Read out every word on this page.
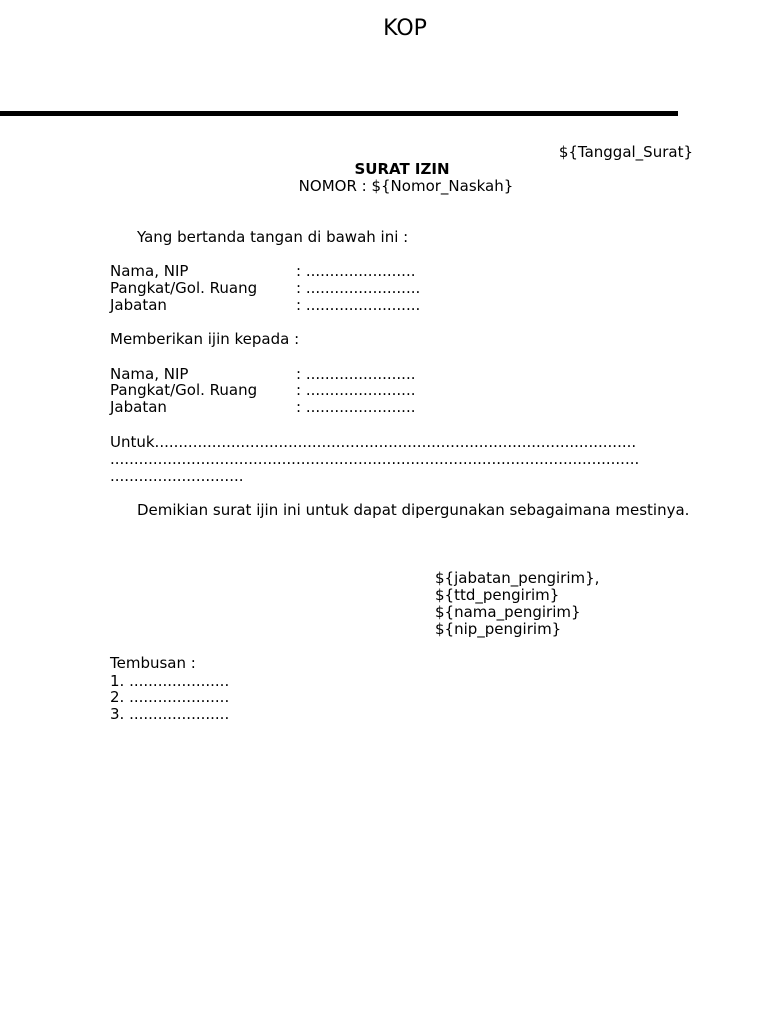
KOP
${Tanggal_Surat}
SURAT IZIN
NOMOR : ${Nomor_Naskah}
Yang bertanda tangan di bawah ini :
Nama, NIP	: .......................
Pangkat/Gol. Ruang	: ........................
Jabatan	: ........................
Memberikan ijin kepada :
Nama, NIP	: .......................
Pangkat/Gol. Ruang	: .......................
Jabatan	: .......................
Untuk.....................................................................................................
...............................................................................................................
............................
Demikian surat ijin ini untuk dapat dipergunakan sebagaimana mestinya.
${jabatan_pengirim},
${ttd_pengirim}
${nama_pengirim}
${nip_pengirim}
Tembusan :
1. .....................
2. .....................
3. .....................
